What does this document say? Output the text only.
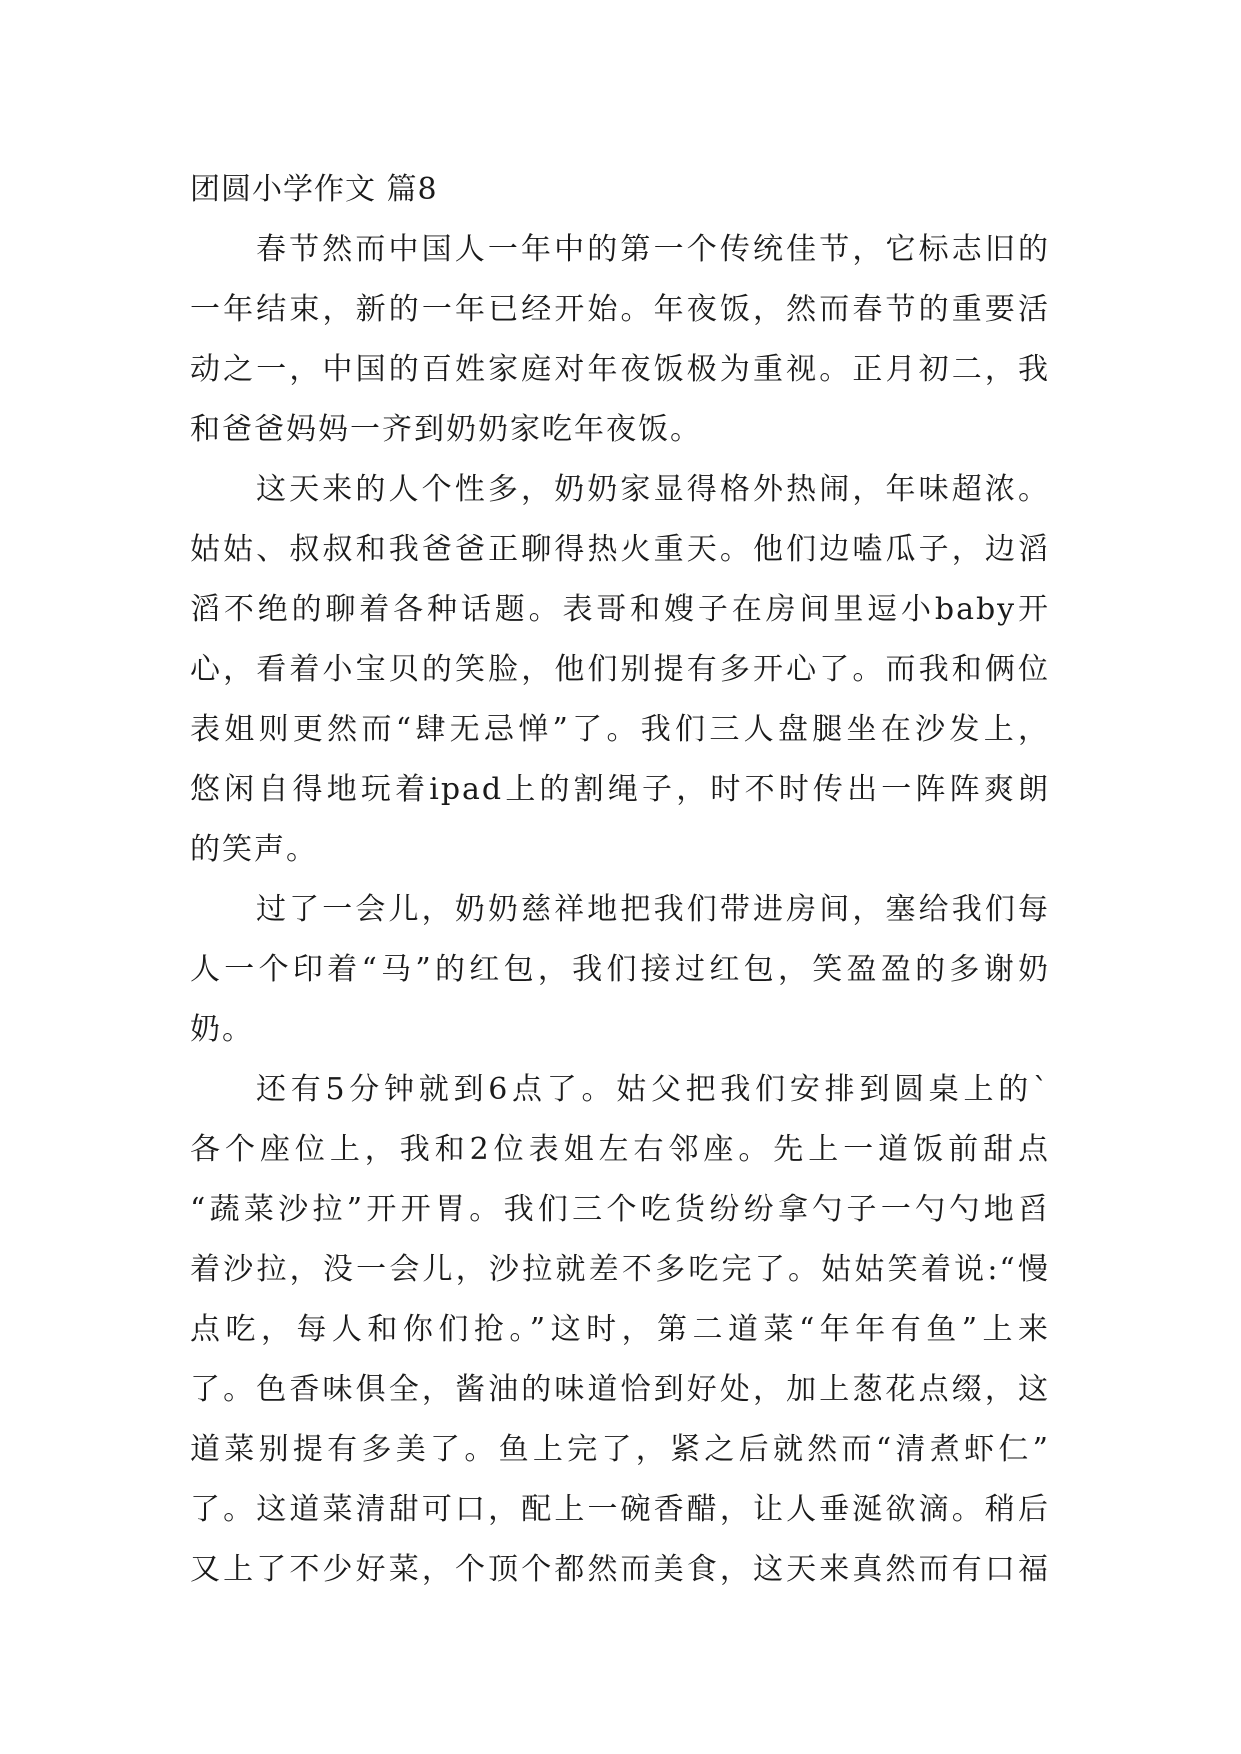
团圆小学作文 篇8
春节然而中国人一年中的第一个传统佳节，它标志旧的
一年结束，新的一年已经开始。年夜饭，然而春节的重要活
动之一，中国的百姓家庭对年夜饭极为重视。正月初二，我
和爸爸妈妈一齐到奶奶家吃年夜饭。
这天来的人个性多，奶奶家显得格外热闹，年味超浓。
姑姑、叔叔和我爸爸正聊得热火重天。他们边嗑瓜子，边滔
滔不绝的聊着各种话题。表哥和嫂子在房间里逗小baby开
心，看着小宝贝的笑脸，他们别提有多开心了。而我和俩位
表姐则更然而“肆无忌惮”了。我们三人盘腿坐在沙发上，
悠闲自得地玩着ipad上的割绳子，时不时传出一阵阵爽朗
的笑声。
过了一会儿，奶奶慈祥地把我们带进房间，塞给我们每
人一个印着“马”的红包，我们接过红包，笑盈盈的多谢奶
奶。
还有5分钟就到6点了。姑父把我们安排到圆桌上的`
各个座位上，我和2位表姐左右邻座。先上一道饭前甜点
“蔬菜沙拉”开开胃。我们三个吃货纷纷拿勺子一勺勺地舀
着沙拉，没一会儿，沙拉就差不多吃完了。姑姑笑着说:“慢
点吃，每人和你们抢。”这时，第二道菜“年年有鱼”上来
了。色香味俱全，酱油的味道恰到好处，加上葱花点缀，这
道菜别提有多美了。鱼上完了，紧之后就然而“清煮虾仁”
了。这道菜清甜可口，配上一碗香醋，让人垂涎欲滴。稍后
又上了不少好菜，个顶个都然而美食，这天来真然而有口福
